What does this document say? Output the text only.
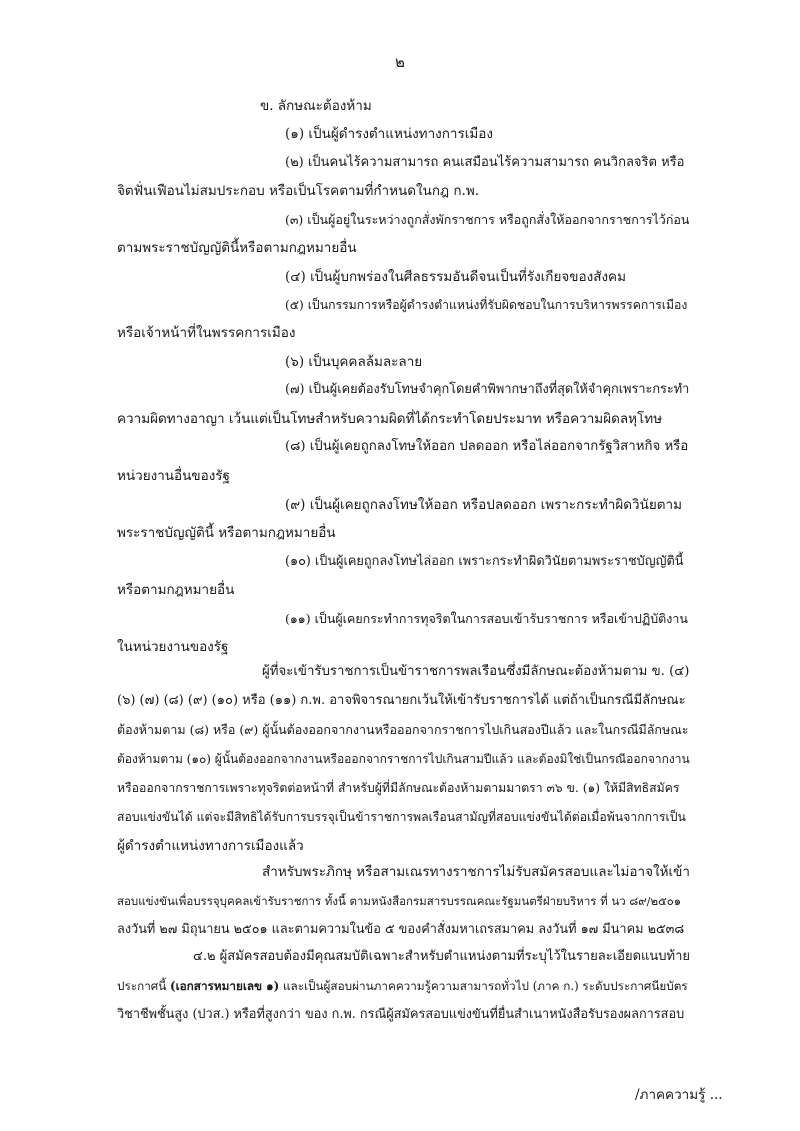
๒
ข. ลักษณะต้องห้าม
(๑) เป็นผู้ดำรงตำแหน่งทางการเมือง
(๒) เป็นคนไร้ความสามารถ คนเสมือนไร้ความสามารถ คนวิกลจริต หรือ
จิตฟั่นเฟือนไม่สมประกอบ หรือเป็นโรคตามที่กำหนดในกฎ ก.พ.
(๓) เป็นผู้อยู่ในระหว่างถูกสั่งพักราชการ หรือถูกสั่งให้ออกจากราชการไว้ก่อน
ตามพระราชบัญญัตินี้หรือตามกฎหมายอื่น
(๔) เป็นผู้บกพร่องในศีลธรรมอันดีจนเป็นที่รังเกียจของสังคม
(๕) เป็นกรรมการหรือผู้ดำรงตำแหน่งที่รับผิดชอบในการบริหารพรรคการเมือง
หรือเจ้าหน้าที่ในพรรคการเมือง
(๖) เป็นบุคคลล้มละลาย
(๗) เป็นผู้เคยต้องรับโทษจำคุกโดยคำพิพากษาถึงที่สุดให้จำคุกเพราะกระทำ
ความผิดทางอาญา เว้นแต่เป็นโทษสำหรับความผิดที่ได้กระทำโดยประมาท หรือความผิดลหุโทษ
(๘) เป็นผู้เคยถูกลงโทษให้ออก ปลดออก หรือไล่ออกจากรัฐวิสาหกิจ หรือ
หน่วยงานอื่นของรัฐ
(๙) เป็นผู้เคยถูกลงโทษให้ออก หรือปลดออก เพราะกระทำผิดวินัยตาม
พระราชบัญญัตินี้ หรือตามกฎหมายอื่น
(๑๐) เป็นผู้เคยถูกลงโทษไล่ออก เพราะกระทำผิดวินัยตามพระราชบัญญัตินี้
หรือตามกฎหมายอื่น
(๑๑) เป็นผู้เคยกระทำการทุจริตในการสอบเข้ารับราชการ หรือเข้าปฏิบัติงาน
ในหน่วยงานของรัฐ
ผู้ที่จะเข้ารับราชการเป็นข้าราชการพลเรือนซึ่งมีลักษณะต้องห้ามตาม ข. (๔)
(๖) (๗) (๘) (๙) (๑๐) หรือ (๑๑) ก.พ. อาจพิจารณายกเว้นให้เข้ารับราชการได้ แต่ถ้าเป็นกรณีมีลักษณะ
ต้องห้ามตาม (๘) หรือ (๙) ผู้นั้นต้องออกจากงานหรือออกจากราชการไปเกินสองปีแล้ว และในกรณีมีลักษณะ
ต้องห้ามตาม (๑๐) ผู้นั้นต้องออกจากงานหรือออกจากราชการไปเกินสามปีแล้ว และต้องมิใช่เป็นกรณีออกจากงาน
หรือออกจากราชการเพราะทุจริตต่อหน้าที่ สำหรับผู้ที่มีลักษณะต้องห้ามตามมาตรา ๓๖ ข. (๑) ให้มีสิทธิสมัคร
สอบแข่งขันได้ แต่จะมีสิทธิได้รับการบรรจุเป็นข้าราชการพลเรือนสามัญที่สอบแข่งขันได้ต่อเมื่อพ้นจากการเป็น
ผู้ดำรงตำแหน่งทางการเมืองแล้ว
สำหรับพระภิกษุ หรือสามเณรทางราชการไม่รับสมัครสอบและไม่อาจให้เข้า
สอบแข่งขันเพื่อบรรจุบุคคลเข้ารับราชการ ทั้งนี้ ตามหนังสือกรมสารบรรณคณะรัฐมนตรีฝ่ายบริหาร ที่ นว ๘๙/๒๕๐๑
ลงวันที่ ๒๗ มิถุนายน ๒๕๐๑ และตามความในข้อ ๕ ของคำสั่งมหาเถรสมาคม ลงวันที่ ๑๗ มีนาคม ๒๕๓๘
๔.๒ ผู้สมัครสอบต้องมีคุณสมบัติเฉพาะสำหรับตำแหน่งตามที่ระบุไว้ในรายละเอียดแนบท้าย
ประกาศนี้ (เอกสารหมายเลข ๑) และเป็นผู้สอบผ่านภาคความรู้ความสามารถทั่วไป (ภาค ก.) ระดับประกาศนียบัตร
วิชาชีพชั้นสูง (ปวส.) หรือที่สูงกว่า ของ ก.พ. กรณีผู้สมัครสอบแข่งขันที่ยื่นสำเนาหนังสือรับรองผลการสอบ
/ภาคความรู้ ...
